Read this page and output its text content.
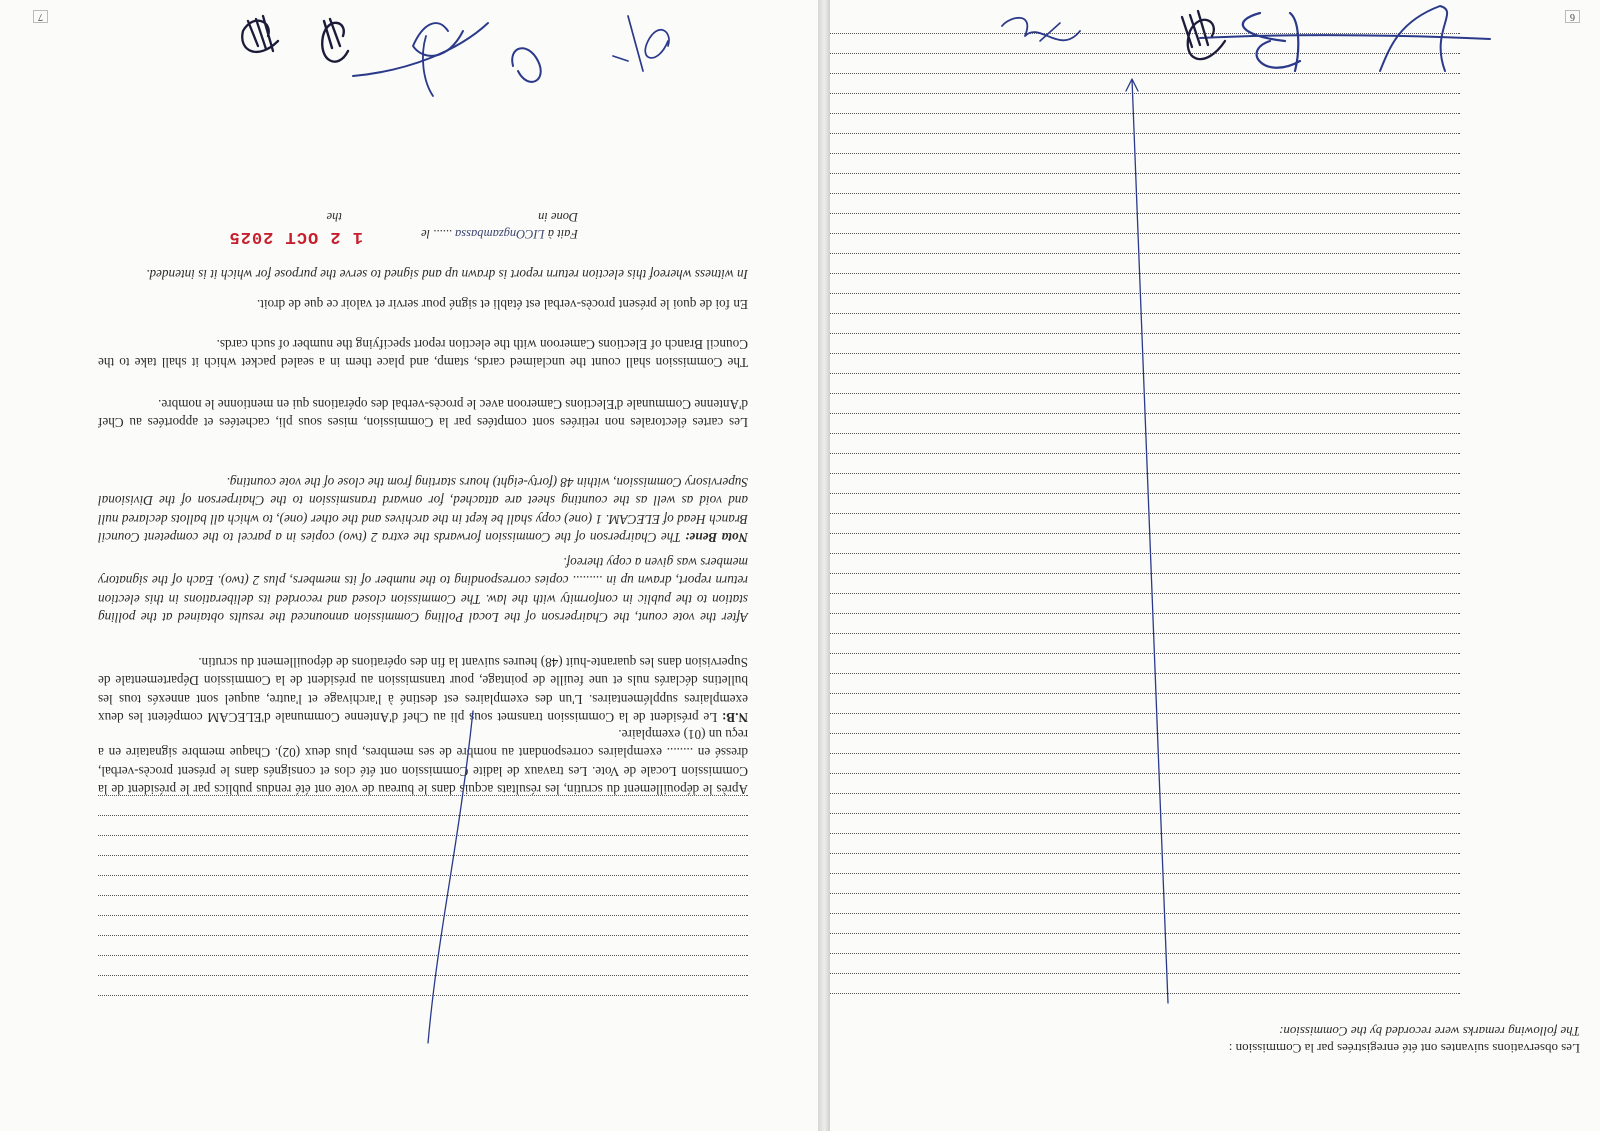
6
Les observations suivantes ont été enregistrées par la Commission :
The following remarks were recorded by the Commission:
7
Après le dépouillement du scrutin, les résultats acquis dans le bureau de vote ont été rendus publics par le président de la Commission Locale de Vote. Les travaux de ladite Commission ont été clos et consignés dans le présent procès-verbal, dressé en ........ exemplaires correspondant au nombre de ses membres, plus deux (02). Chaque membre signataire en a reçu un (01) exemplaire.
N.B: Le président de la Commission transmet sous pli au Chef d'Antenne Communale d'ELECAM compétent les deux exemplaires supplémentaires. L'un des exemplaires est destiné à l'archivage et l'autre, auquel sont annexés tous les bulletins déclarés nuls et une feuille de pointage, pour transmission au président de la Commission Départementale de Supervision dans les quarante-huit (48) heures suivant la fin des opérations de dépouillement du scrutin.
After the vote count, the Chairperson of the Local Polling Commission announced the results obtained at the polling station to the public in conformity with the law. The Commission closed and recorded its deliberations in this election return report, drawn up in ......... copies corresponding to the number of its members, plus 2 (two). Each of the signatory members was given a copy thereof.
Nota Bene: The Chairperson of the Commission forwards the extra 2 (two) copies in a parcel to the competent Council Branch Head of ELECAM. 1 (one) copy shall be kept in the archives and the other (one), to which all ballots declared null and void as well as the counting sheet are attached, for onward transmission to the Chairperson of the Divisional Supervisory Commission, within 48 (forty-eight) hours starting from the close of the vote counting.
Les cartes électorales non retirées sont comptées par la Commission, mises sous pli, cachetées et apportées au Chef d'Antenne Communale d'Elections Cameroon avec le procès-verbal des opérations qui en mentionne le nombre.
The Commission shall count the unclaimed cards, stamp, and place them in a sealed packet which it shall take to the Council Branch of Elections Cameroon with the election report specifying the number of such cards.
En foi de quoi le présent procès-verbal est établi et signé pour servir et valoir ce que de droit.
In witness whereof this election return report is drawn up and signed to serve the purpose for which it is intended.
Fait à LICOngzambassa ...... le
Done in  the
1 2 OCT 2025
